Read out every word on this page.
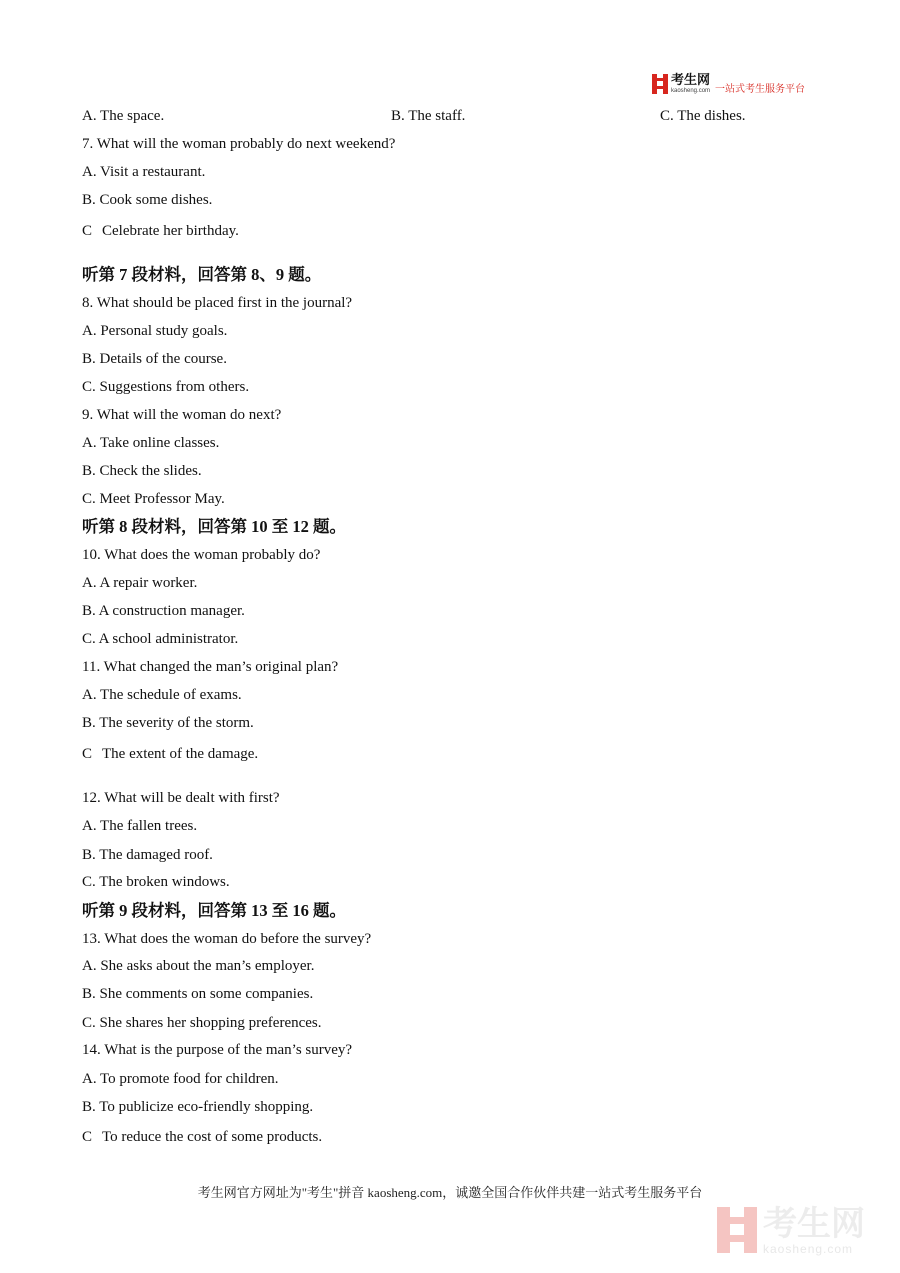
考生网
kaosheng.com 一站式考生服务平台
A. The space.	B. The staff.	C. The dishes.
7. What will the woman probably do next weekend?
A. Visit a restaurant.
B. Cook some dishes.
C Celebrate her birthday.
听第 7 段材料，回答第 8、9 题。
8. What should be placed first in the journal?
A. Personal study goals.
B. Details of the course.
C. Suggestions from others.
9. What will the woman do next?
A. Take online classes.
B. Check the slides.
C. Meet Professor May.
听第 8 段材料，回答第 10 至 12 题。
10. What does the woman probably do?
A. A repair worker.
B. A construction manager.
C. A school administrator.
11. What changed the man’s original plan?
A. The schedule of exams.
B. The severity of the storm.
C The extent of the damage.
12. What will be dealt with first?
A. The fallen trees.
B. The damaged roof.
C. The broken windows.
听第 9 段材料，回答第 13 至 16 题。
13. What does the woman do before the survey?
A. She asks about the man’s employer.
B. She comments on some companies.
C. She shares her shopping preferences.
14. What is the purpose of the man’s survey?
A. To promote food for children.
B. To publicize eco-friendly shopping.
C To reduce the cost of some products.
考生网官方网址为"考生"拼音 kaosheng.com，诚邀全国合作伙伴共建一站式考生服务平台
考生网
kaosheng.com
